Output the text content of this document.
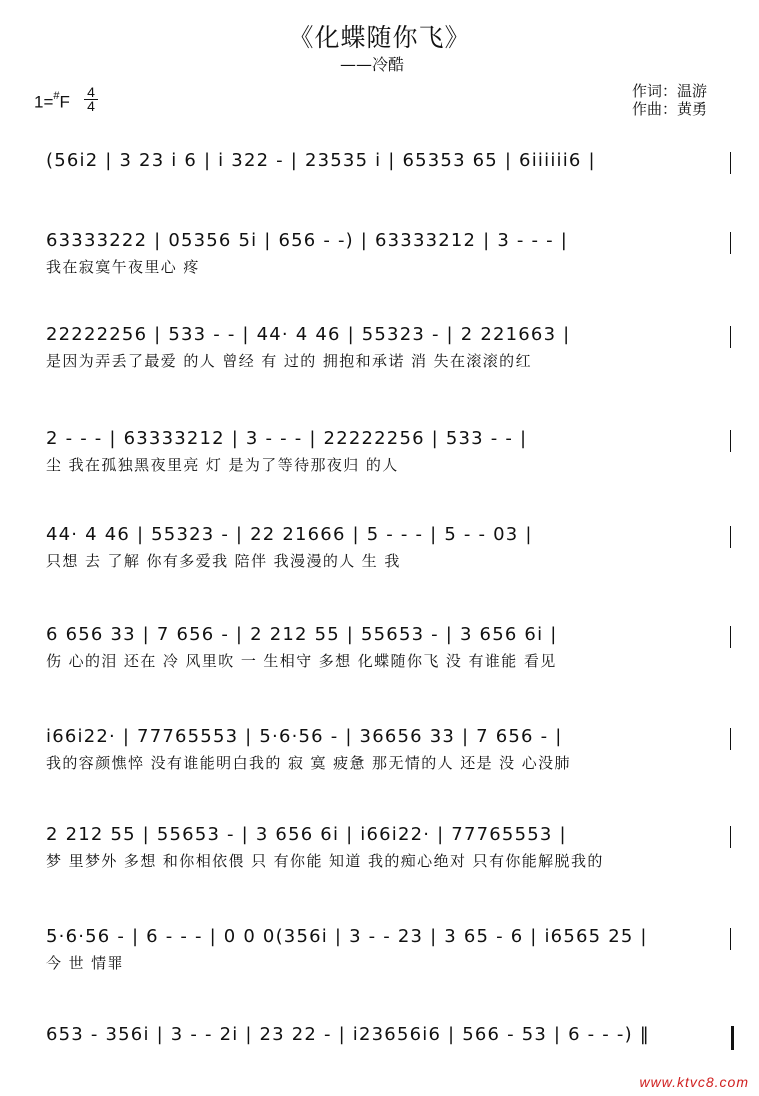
《化蝶随你飞》
——冷酷
1=#F
4
4
作词：温游
作曲：黄勇
(56i2 | 3 23 i 6 | i 322 - | 23535 i | 65353 65 | 6iiiiii6 |
63333222 | 05356 5i | 656 - -) | 63333212 | 3 - - - |
我在寂寞午夜里心 疼
22222256 | 533 - - | 44· 4 46 | 55323 - | 2 221663 |
是因为弄丢了最爱 的人 曾经 有 过的 拥抱和承诺 消 失在滚滚的红
2 - - - | 63333212 | 3 - - - | 22222256 | 533 - - |
尘 我在孤独黑夜里亮 灯 是为了等待那夜归 的人
44· 4 46 | 55323 - | 22 21666 | 5 - - - | 5 - - 03 |
只想 去 了解 你有多爱我 陪伴 我漫漫的人 生 我
6 656 33 | 7 656 - | 2 212 55 | 55653 - | 3 656 6i |
伤 心的泪 还在 冷 风里吹 一 生相守 多想 化蝶随你飞 没 有谁能 看见
i66i22· | 77765553 | 5·6·56 - | 36656 33 | 7 656 - |
我的容颜憔悴 没有谁能明白我的 寂 寞 疲惫 那无情的人 还是 没 心没肺
2 212 55 | 55653 - | 3 656 6i | i66i22· | 77765553 |
梦 里梦外 多想 和你相依偎 只 有你能 知道 我的痴心绝对 只有你能解脱我的
5·6·56 - | 6 - - - | 0 0 0(356i | 3 - - 23 | 3 65 - 6 | i6565 25 |
今 世 情罪
653 - 356i | 3 - - 2i | 23 22 - | i23656i6 | 566 - 53 | 6 - - -) ‖
www.ktvc8.com
